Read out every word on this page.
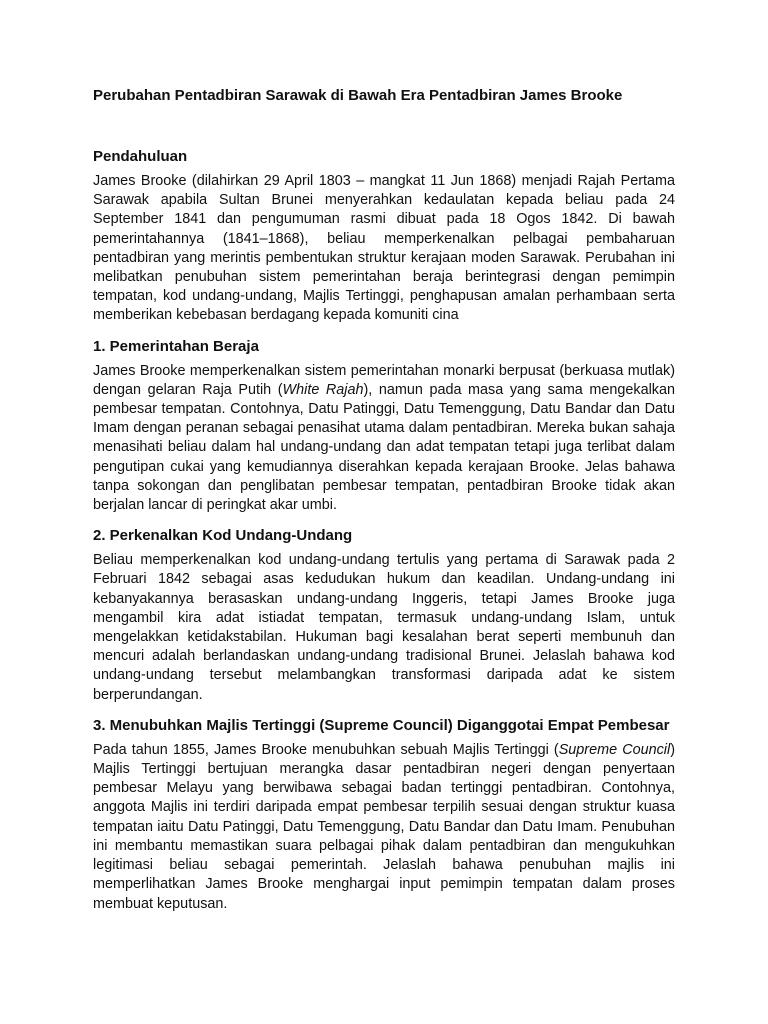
Perubahan Pentadbiran Sarawak di Bawah Era Pentadbiran James Brooke
Pendahuluan

James Brooke (dilahirkan 29 April 1803 – mangkat 11 Jun 1868) menjadi Rajah Pertama Sarawak apabila Sultan Brunei menyerahkan kedaulatan kepada beliau pada 24 September 1841 dan pengumuman rasmi dibuat pada 18 Ogos 1842. Di bawah pemerintahannya (1841–1868), beliau memperkenalkan pelbagai pembaharuan pentadbiran yang merintis pembentukan struktur kerajaan moden Sarawak. Perubahan ini melibatkan penubuhan sistem pemerintahan beraja berintegrasi dengan pemimpin tempatan, kod undang-undang, Majlis Tertinggi, penghapusan amalan perhambaan serta memberikan kebebasan berdagang kepada komuniti cina

1. Pemerintahan Beraja

James Brooke memperkenalkan sistem pemerintahan monarki berpusat (berkuasa mutlak) dengan gelaran Raja Putih (White Rajah), namun pada masa yang sama mengekalkan pembesar tempatan. Contohnya, Datu Patinggi, Datu Temenggung, Datu Bandar dan Datu Imam dengan peranan sebagai penasihat utama dalam pentadbiran. Mereka bukan sahaja menasihati beliau dalam hal undang-undang dan adat tempatan tetapi juga terlibat dalam pengutipan cukai yang kemudiannya diserahkan kepada kerajaan Brooke. Jelas bahawa tanpa sokongan dan penglibatan pembesar tempatan, pentadbiran Brooke tidak akan berjalan lancar di peringkat akar umbi.

2. Perkenalkan Kod Undang-Undang

Beliau memperkenalkan kod undang-undang tertulis yang pertama di Sarawak pada 2 Februari 1842 sebagai asas kedudukan hukum dan keadilan. Undang-undang ini kebanyakannya berasaskan undang-undang Inggeris, tetapi James Brooke juga mengambil kira adat istiadat tempatan, termasuk undang-undang Islam, untuk mengelakkan ketidakstabilan. Hukuman bagi kesalahan berat seperti membunuh dan mencuri adalah berlandaskan undang-undang tradisional Brunei. Jelaslah bahawa kod undang-undang tersebut melambangkan transformasi daripada adat ke sistem berperundangan.

3. Menubuhkan Majlis Tertinggi (Supreme Council) Diganggotai Empat Pembesar

Pada tahun 1855, James Brooke menubuhkan sebuah Majlis Tertinggi (Supreme Council) Majlis Tertinggi bertujuan merangka dasar pentadbiran negeri dengan penyertaan pembesar Melayu yang berwibawa sebagai badan tertinggi pentadbiran. Contohnya, anggota Majlis ini terdiri daripada empat pembesar terpilih sesuai dengan struktur kuasa tempatan iaitu Datu Patinggi, Datu Temenggung, Datu Bandar dan Datu Imam. Penubuhan ini membantu memastikan suara pelbagai pihak dalam pentadbiran dan mengukuhkan legitimasi beliau sebagai pemerintah. Jelaslah bahawa penubuhan majlis ini memperlihatkan James Brooke menghargai input pemimpin tempatan dalam proses membuat keputusan.
